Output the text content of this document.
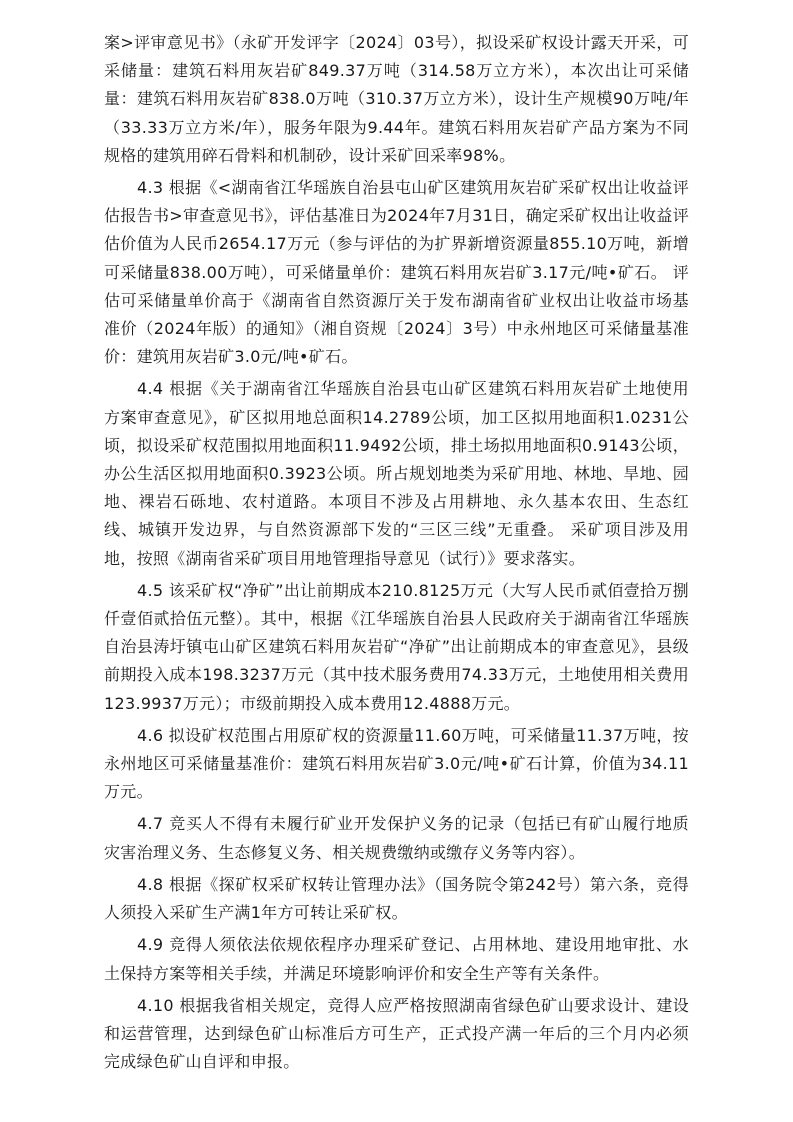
案>评审意见书》（永矿开发评字〔2024〕03号），拟设采矿权设计露天开采，可采储量：建筑石料用灰岩矿849.37万吨（314.58万立方米），本次出让可采储量：建筑石料用灰岩矿838.0万吨（310.37万立方米），设计生产规模90万吨/年（33.33万立方米/年），服务年限为9.44年。建筑石料用灰岩矿产品方案为不同规格的建筑用碎石骨料和机制砂，设计采矿回采率98%。

4.3 根据《<湖南省江华瑶族自治县屯山矿区建筑用灰岩矿采矿权出让收益评估报告书>审查意见书》，评估基准日为2024年7月31日，确定采矿权出让收益评估价值为人民币2654.17万元（参与评估的为扩界新增资源量855.10万吨，新增可采储量838.00万吨），可采储量单价：建筑石料用灰岩矿3.17元/吨•矿石。 评估可采储量单价高于《湖南省自然资源厅关于发布湖南省矿业权出让收益市场基准价（2024年版）的通知》（湘自资规〔2024〕3号）中永州地区可采储量基准价：建筑用灰岩矿3.0元/吨•矿石。

4.4 根据《关于湖南省江华瑶族自治县屯山矿区建筑石料用灰岩矿土地使用方案审查意见》，矿区拟用地总面积14.2789公顷，加工区拟用地面积1.0231公顷，拟设采矿权范围拟用地面积11.9492公顷，排土场拟用地面积0.9143公顷，办公生活区拟用地面积0.3923公顷。所占规划地类为采矿用地、林地、旱地、园地、裸岩石砾地、农村道路。本项目不涉及占用耕地、永久基本农田、生态红线、城镇开发边界，与自然资源部下发的“三区三线”无重叠。 采矿项目涉及用地，按照《湖南省采矿项目用地管理指导意见（试行）》要求落实。

4.5 该采矿权“净矿”出让前期成本210.8125万元（大写人民币贰佰壹拾万捌仟壹佰贰拾伍元整）。其中，根据《江华瑶族自治县人民政府关于湖南省江华瑶族自治县涛圩镇屯山矿区建筑石料用灰岩矿“净矿”出让前期成本的审查意见》，县级前期投入成本198.3237万元（其中技术服务费用74.33万元，土地使用相关费用123.9937万元）；市级前期投入成本费用12.4888万元。

4.6 拟设矿权范围占用原矿权的资源量11.60万吨，可采储量11.37万吨，按永州地区可采储量基准价：建筑石料用灰岩矿3.0元/吨•矿石计算，价值为34.11万元。

4.7 竞买人不得有未履行矿业开发保护义务的记录（包括已有矿山履行地质灾害治理义务、生态修复义务、相关规费缴纳或缴存义务等内容）。

4.8 根据《探矿权采矿权转让管理办法》（国务院令第242号）第六条，竞得人须投入采矿生产满1年方可转让采矿权。

4.9 竞得人须依法依规依程序办理采矿登记、占用林地、建设用地审批、水土保持方案等相关手续，并满足环境影响评价和安全生产等有关条件。

4.10 根据我省相关规定，竞得人应严格按照湖南省绿色矿山要求设计、建设和运营管理，达到绿色矿山标准后方可生产，正式投产满一年后的三个月内必须完成绿色矿山自评和申报。
